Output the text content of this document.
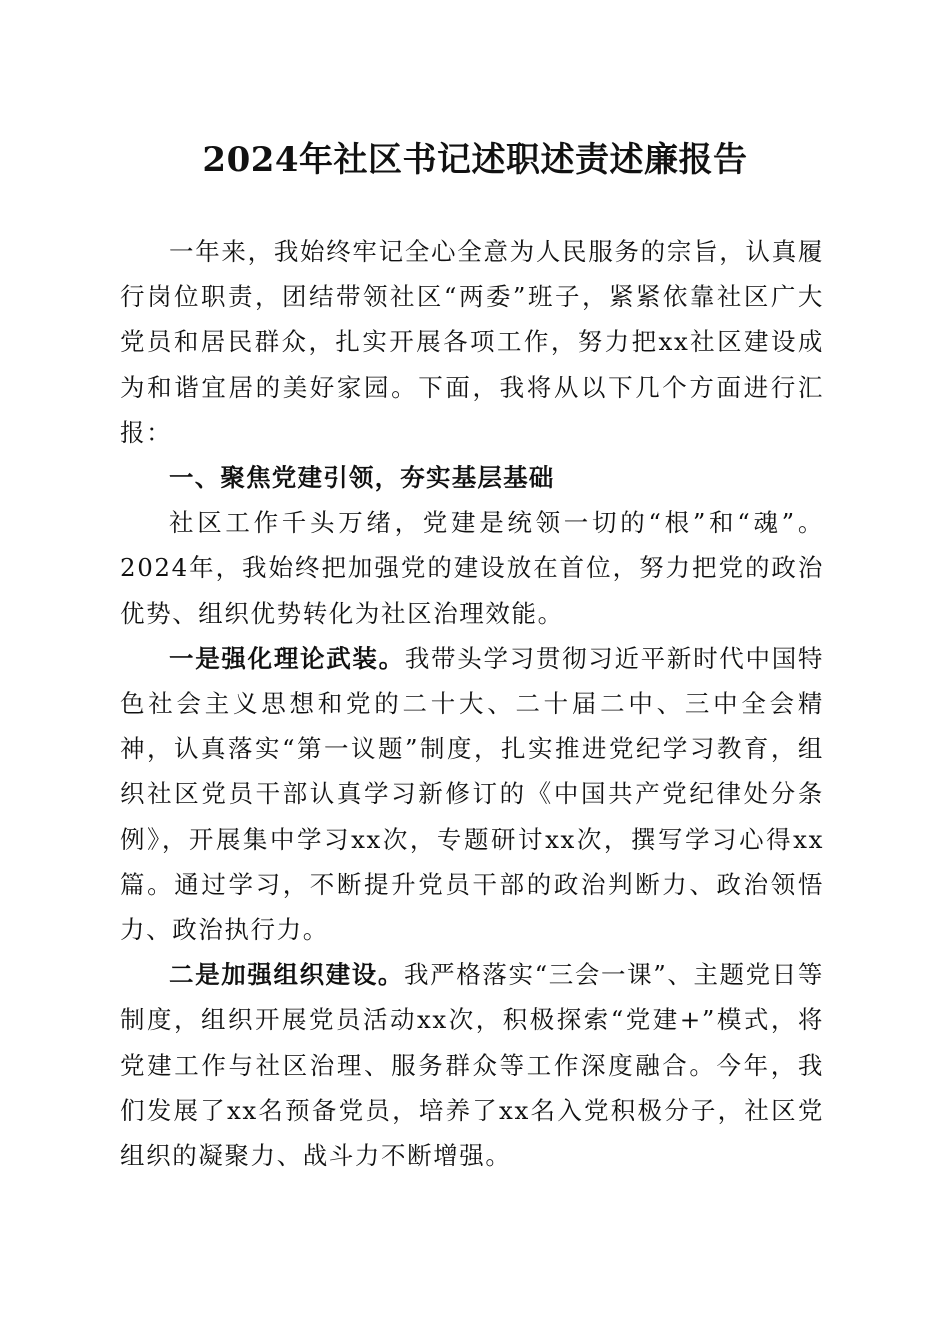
2024年社区书记述职述责述廉报告

一年来，我始终牢记全心全意为人民服务的宗旨，认真履行岗位职责，团结带领社区“两委”班子，紧紧依靠社区广大党员和居民群众，扎实开展各项工作，努力把xx社区建设成为和谐宜居的美好家园。下面，我将从以下几个方面进行汇报：

一、聚焦党建引领，夯实基层基础

社区工作千头万绪，党建是统领一切的“根”和“魂”。2024年，我始终把加强党的建设放在首位，努力把党的政治优势、组织优势转化为社区治理效能。

一是强化理论武装。我带头学习贯彻习近平新时代中国特色社会主义思想和党的二十大、二十届二中、三中全会精神，认真落实“第一议题”制度，扎实推进党纪学习教育，组织社区党员干部认真学习新修订的《中国共产党纪律处分条例》，开展集中学习xx次，专题研讨xx次，撰写学习心得xx篇。通过学习，不断提升党员干部的政治判断力、政治领悟力、政治执行力。

二是加强组织建设。我严格落实“三会一课”、主题党日等制度，组织开展党员活动xx次，积极探索“党建+”模式，将党建工作与社区治理、服务群众等工作深度融合。今年，我们发展了xx名预备党员，培养了xx名入党积极分子，社区党组织的凝聚力、战斗力不断增强。
